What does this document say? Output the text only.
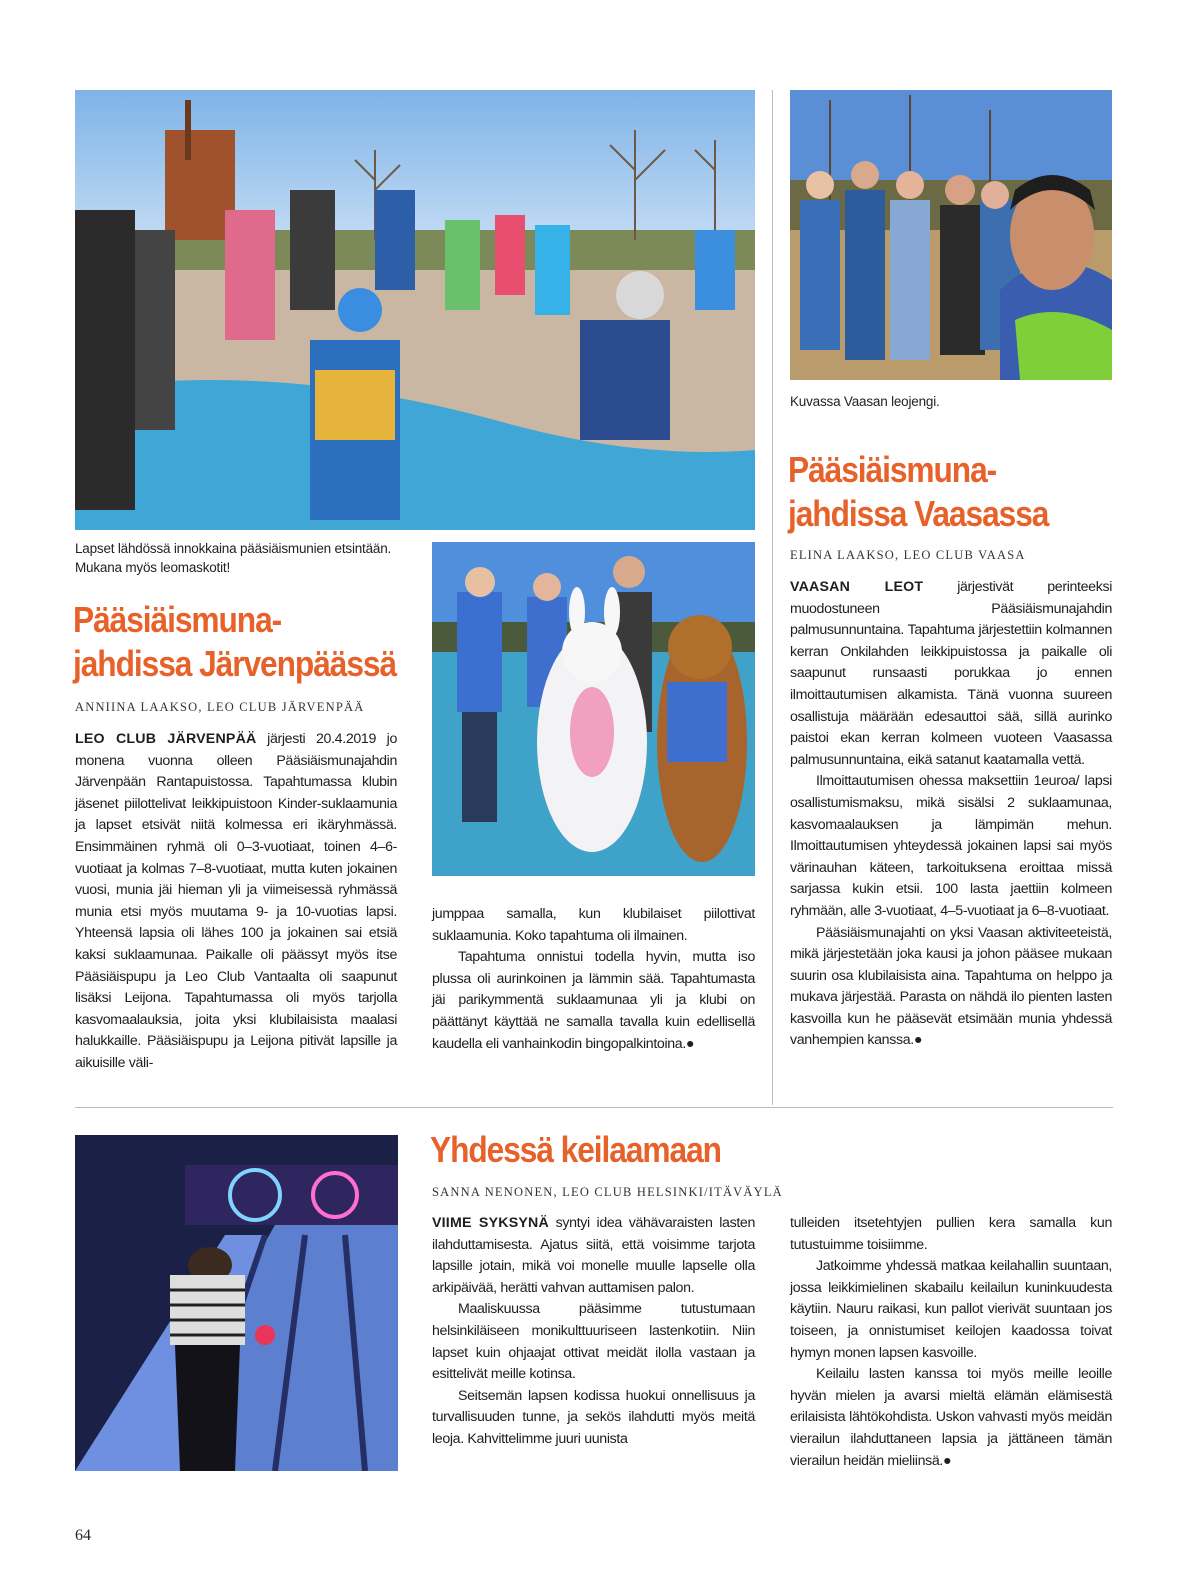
Lapset lähdössä innokkaina pääsiäismunien etsintään. Mukana myös leomaskotit!
Kuvassa Vaasan leojengi.
Pääsiäismuna-
jahdissa Järvenpäässä
ANNIINA LAAKSO, LEO CLUB JÄRVENPÄÄ

LEO CLUB JÄRVENPÄÄ järjesti 20.4.2019 jo monena vuonna olleen Pääsiäismunajahdin Järvenpään Rantapuistossa. Tapahtumassa klubin jäsenet piilottelivat leikkipuistoon Kinder-suklaamunia ja lapset etsivät niitä kolmessa eri ikäryhmässä. Ensimmäinen ryhmä oli 0–3-vuotiaat, toinen 4–6-vuotiaat ja kolmas 7–8-vuotiaat, mutta kuten jokainen vuosi, munia jäi hieman yli ja viimeisessä ryhmässä munia etsi myös muutama 9- ja 10-vuotias lapsi. Yhteensä lapsia oli lähes 100 ja jokainen sai etsiä kaksi suklaamunaa. Paikalle oli päässyt myös itse Pääsiäispupu ja Leo Club Vantaalta oli saapunut lisäksi Leijona. Tapahtumassa oli myös tarjolla kasvomaalauksia, joita yksi klubilaisista maalasi halukkaille. Pääsiäispupu ja Leijona pitivät lapsille ja aikuisille väli-

jumppaa samalla, kun klubilaiset piilottivat suklaamunia. Koko tapahtuma oli ilmainen.

Tapahtuma onnistui todella hyvin, mutta iso plussa oli aurinkoinen ja lämmin sää. Tapahtumasta jäi parikymmentä suklaamunaa yli ja klubi on päättänyt käyttää ne samalla tavalla kuin edellisellä kaudella eli vanhainkodin bingopalkintoina.●

Pääsiäismuna-
jahdissa Vaasassa
ELINA LAAKSO, LEO CLUB VAASA

VAASAN LEOT järjestivät perinteeksi muodostuneen Pääsiäismunajahdin palmusunnuntaina. Tapahtuma järjestettiin kolmannen kerran Onkilahden leikkipuistossa ja paikalle oli saapunut runsaasti porukkaa jo ennen ilmoittautumisen alkamista. Tänä vuonna suureen osallistuja määrään edesauttoi sää, sillä aurinko paistoi ekan kerran kolmeen vuoteen Vaasassa palmusunnuntaina, eikä satanut kaatamalla vettä.

Ilmoittautumisen ohessa maksettiin 1euroa/ lapsi osallistumismaksu, mikä sisälsi 2 suklaamunaa, kasvomaalauksen ja lämpimän mehun. Ilmoittautumisen yhteydessä jokainen lapsi sai myös värinauhan käteen, tarkoituksena eroittaa missä sarjassa kukin etsii. 100 lasta jaettiin kolmeen ryhmään, alle 3-vuotiaat, 4–5-vuotiaat ja 6–8-vuotiaat.

Pääsiäismunajahti on yksi Vaasan aktiviteeteistä, mikä järjestetään joka kausi ja johon pääsee mukaan suurin osa klubilaisista aina. Tapahtuma on helppo ja mukava järjestää. Parasta on nähdä ilo pienten lasten kasvoilla kun he pääsevät etsimään munia yhdessä vanhempien kanssa.●

Yhdessä keilaamaan
SANNA NENONEN, LEO CLUB HELSINKI/ITÄVÄYLÄ

VIIME SYKSYNÄ syntyi idea vähävaraisten lasten ilahduttamisesta. Ajatus siitä, että voisimme tarjota lapsille jotain, mikä voi monelle muulle lapselle olla arkipäivää, herätti vahvan auttamisen palon.

Maaliskuussa pääsimme tutustumaan helsinkiläiseen monikulttuuriseen lastenkotiin. Niin lapset kuin ohjaajat ottivat meidät ilolla vastaan ja esittelivät meille kotinsa.

Seitsemän lapsen kodissa huokui onnellisuus ja turvallisuuden tunne, ja sekös ilahdutti myös meitä leoja. Kahvittelimme juuri uunista

tulleiden itsetehtyjen pullien kera samalla kun tutustuimme toisiimme.

Jatkoimme yhdessä matkaa keilahallin suuntaan, jossa leikkimielinen skabailu keilailun kuninkuudesta käytiin. Nauru raikasi, kun pallot vierivät suuntaan jos toiseen, ja onnistumiset keilojen kaadossa toivat hymyn monen lapsen kasvoille.

Keilailu lasten kanssa toi myös meille leoille hyvän mielen ja avarsi mieltä elämän elämisestä erilaisista lähtökohdista. Uskon vahvasti myös meidän vierailun ilahduttaneen lapsia ja jättäneen tämän vierailun heidän mieliinsä.●

64
